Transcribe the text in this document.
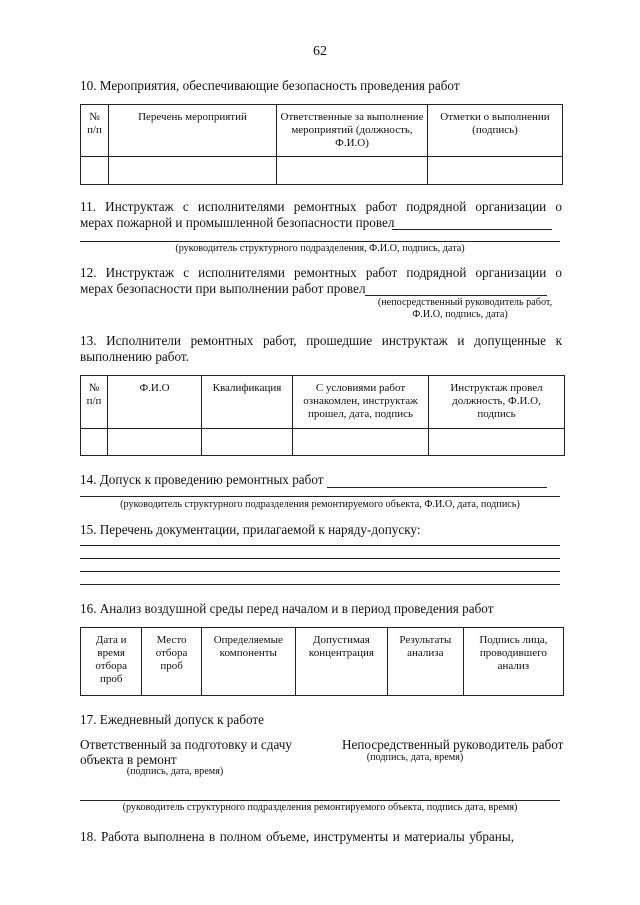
62
10. Мероприятия, обеспечивающие безопасность проведения работ
№ п/п	Перечень мероприятий	Ответственные за выполнение мероприятий (должность, Ф.И.О)	Отметки о выполнении (подпись)

11. Инструктаж с исполнителями ремонтных работ подрядной организации о
мерах пожарной и промышленной безопасности провел
(руководитель структурного подразделения, Ф.И.О, подпись, дата)
12. Инструктаж с исполнителями ремонтных работ подрядной организации о
мерах безопасности при выполнении работ провел
(непосредственный руководитель работ,
Ф.И.О, подпись, дата)
13. Исполнители ремонтных работ, прошедшие инструктаж и допущенные к
выполнению работ.
№ п/п	Ф.И.О	Квалификация	С условиями работ ознакомлен, инструктаж прошел, дата, подпись	Инструктаж провел должность, Ф.И.О, подпись

14. Допуск к проведению ремонтных работ
(руководитель структурного подразделения ремонтируемого объекта, Ф.И.О, дата, подпись)
15. Перечень документации, прилагаемой к наряду-допуску:
16. Анализ воздушной среды перед началом и в период проведения работ
Дата и время отбора проб	Место отбора проб	Определяемые компоненты	Допустимая концентрация	Результаты анализа	Подпись лица, проводившего анализ
17. Ежедневный допуск к работе
Ответственный за подготовку и сдачу
объекта в ремонт
(подпись, дата, время)
Непосредственный руководитель работ
(подпись, дата, время)
(руководитель структурного подразделения ремонтируемого объекта, подпись дата, время)
18. Работа выполнена в полном объеме, инструменты и материалы убраны,
